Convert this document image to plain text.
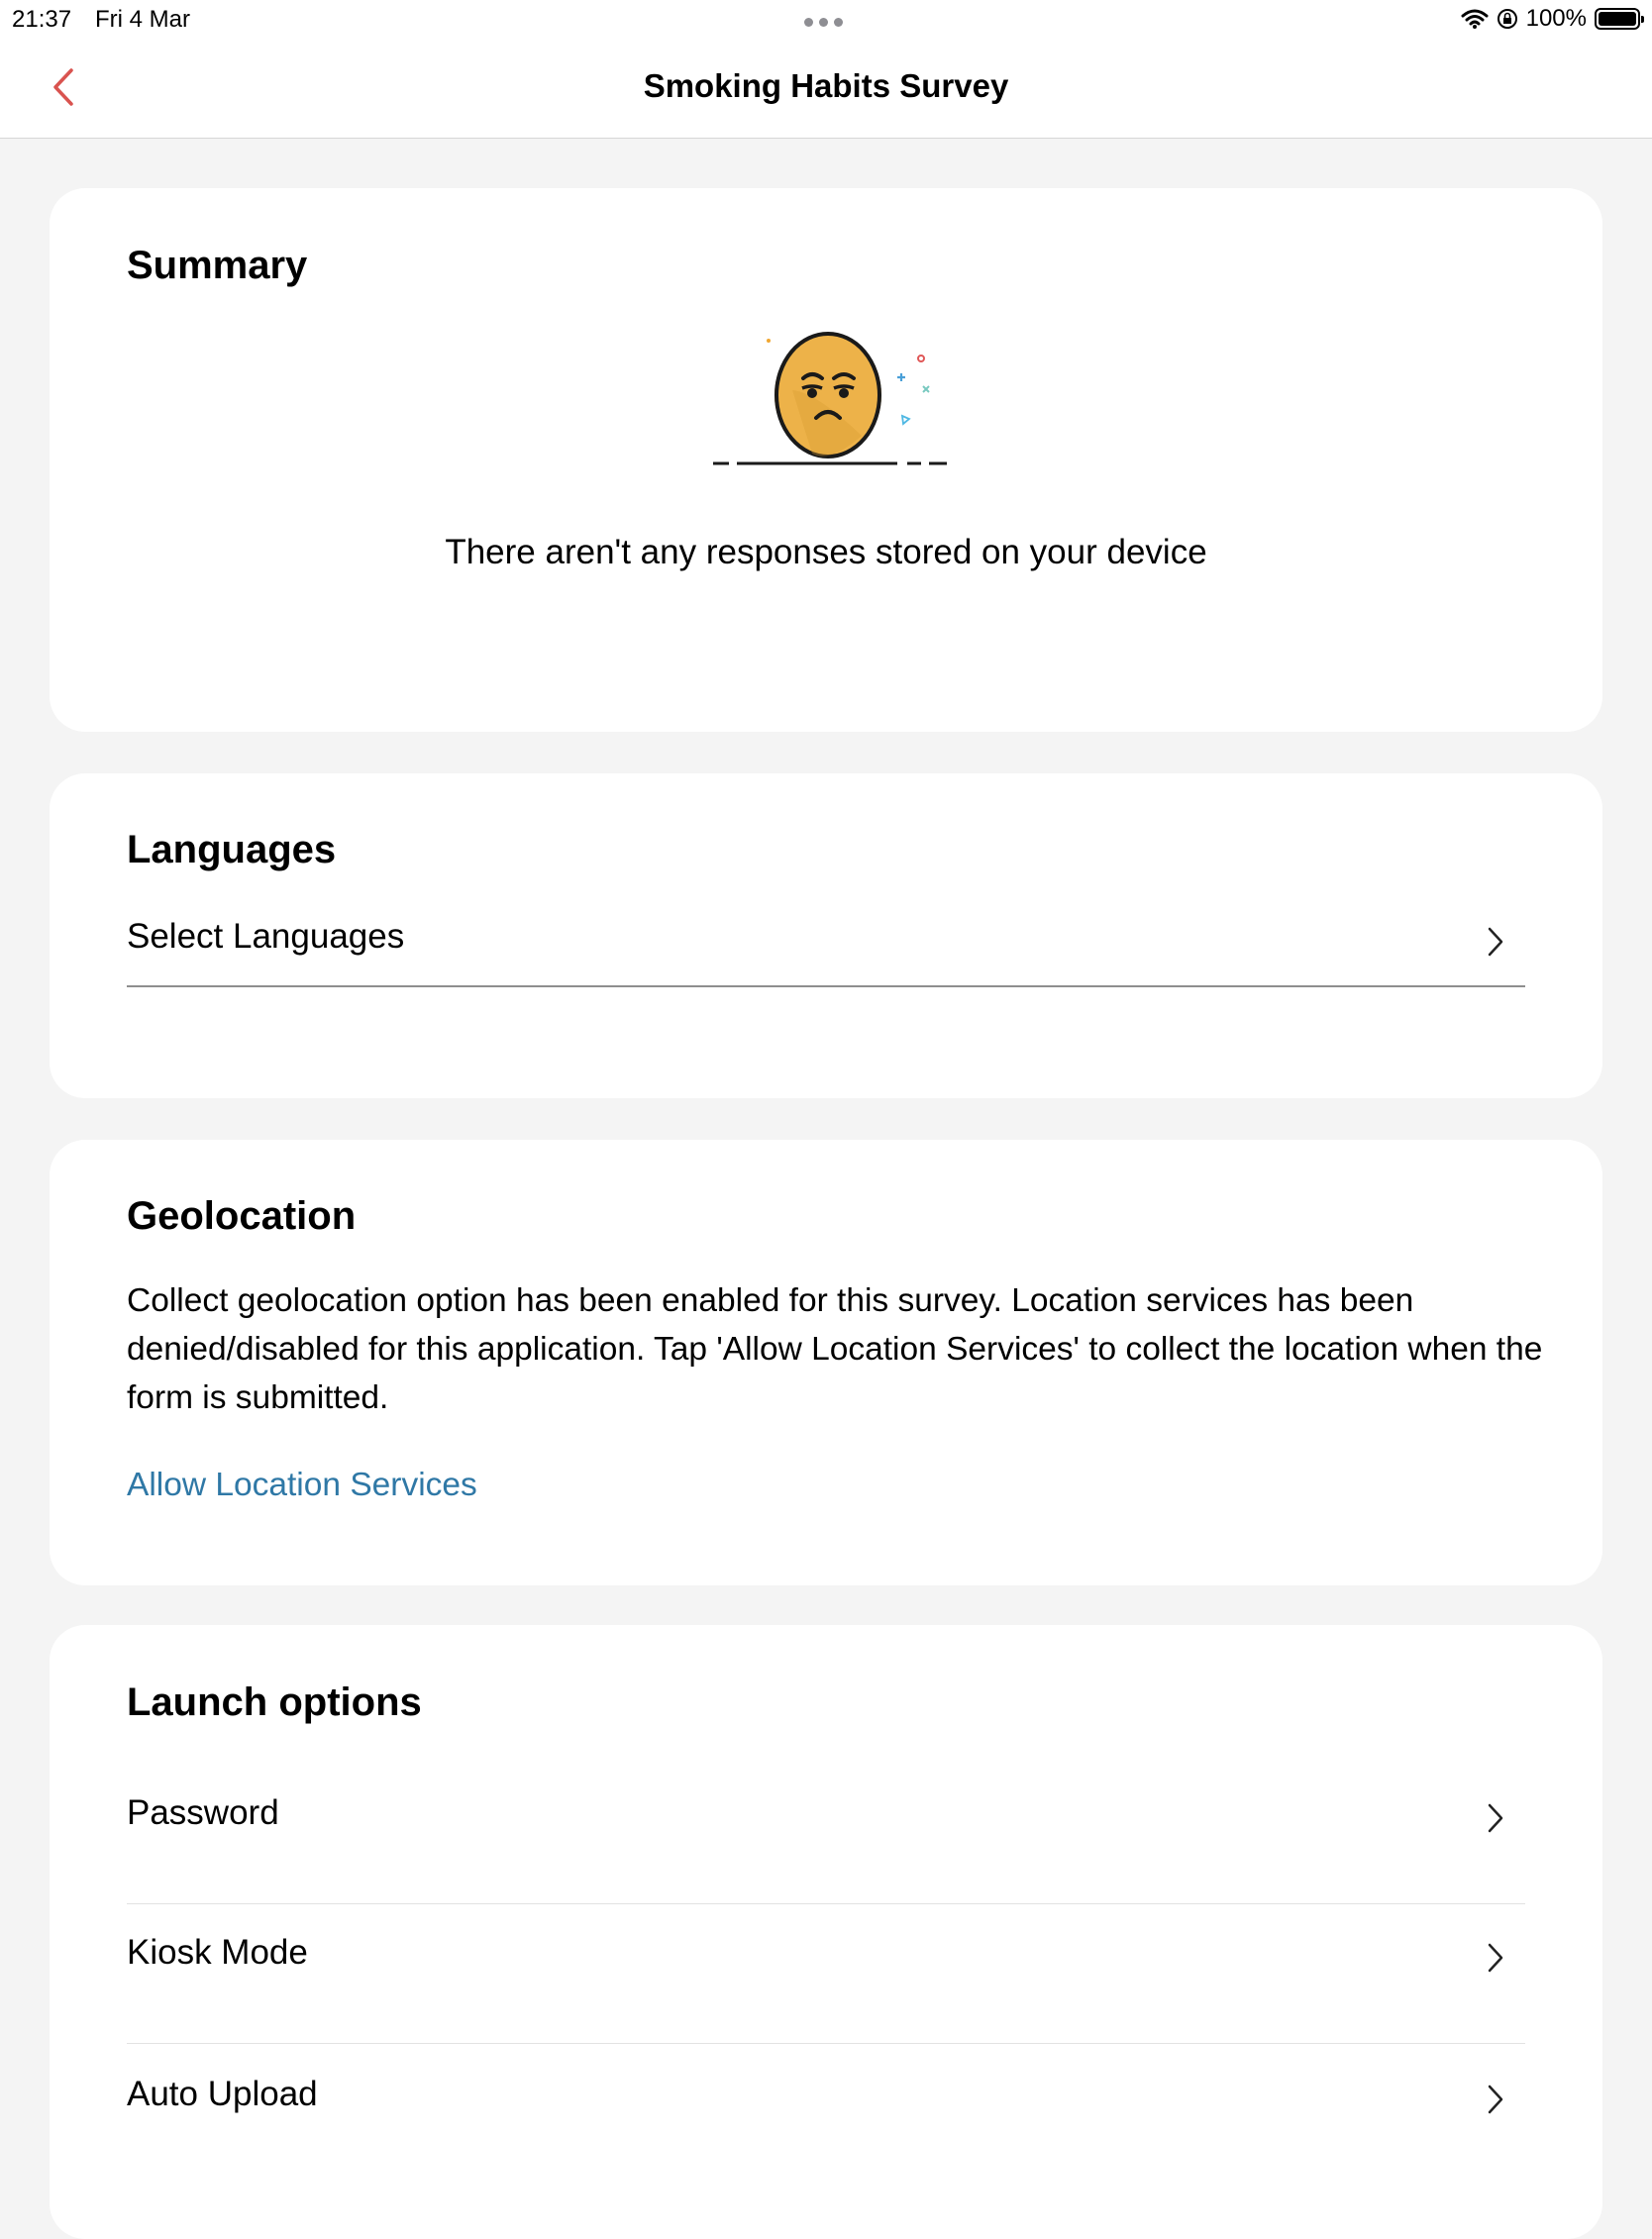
21:37 Fri 4 Mar	100%
Smoking Habits Survey
Summary
There aren't any responses stored on your device
Languages
Select Languages
Geolocation
Collect geolocation option has been enabled for this survey. Location services has been denied/disabled for this application. Tap 'Allow Location Services' to collect the location when the form is submitted.
Allow Location Services
Launch options
Password
Kiosk Mode
Auto Upload
